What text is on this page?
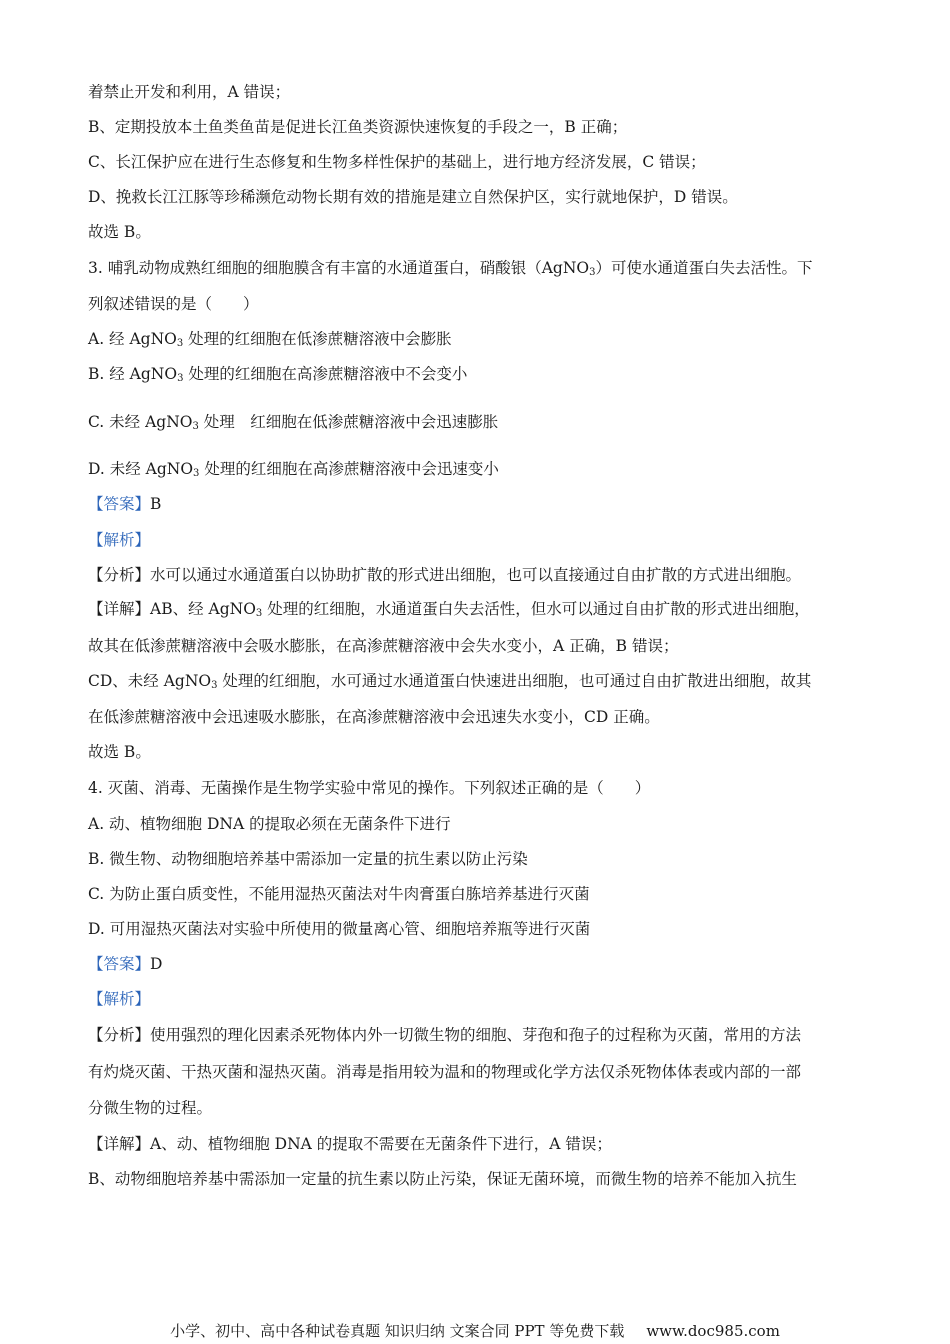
着禁止开发和利用，A 错误；
B、定期投放本土鱼类鱼苗是促进长江鱼类资源快速恢复的手段之一，B 正确；
C、长江保护应在进行生态修复和生物多样性保护的基础上，进行地方经济发展，C 错误；
D、挽救长江江豚等珍稀濒危动物长期有效的措施是建立自然保护区，实行就地保护，D 错误。
故选 B。
3. 哺乳动物成熟红细胞的细胞膜含有丰富的水通道蛋白，硝酸银（AgNO$_3$）可使水通道蛋白失去活性。下
列叙述错误的是（　　）
A. 经 AgNO$_3$ 处理的红细胞在低渗蔗糖溶液中会膨胀
B. 经 AgNO$_3$ 处理的红细胞在高渗蔗糖溶液中不会变小
C. 未经 AgNO$_3$ 处理　红细胞在低渗蔗糖溶液中会迅速膨胀
D. 未经 AgNO$_3$ 处理的红细胞在高渗蔗糖溶液中会迅速变小
【答案】B
【解析】
【分析】水可以通过水通道蛋白以协助扩散的形式进出细胞，也可以直接通过自由扩散的方式进出细胞。
【详解】AB、经 AgNO$_3$ 处理的红细胞，水通道蛋白失去活性，但水可以通过自由扩散的形式进出细胞，
故其在低渗蔗糖溶液中会吸水膨胀，在高渗蔗糖溶液中会失水变小，A 正确，B 错误；
CD、未经 AgNO$_3$ 处理的红细胞，水可通过水通道蛋白快速进出细胞，也可通过自由扩散进出细胞，故其
在低渗蔗糖溶液中会迅速吸水膨胀，在高渗蔗糖溶液中会迅速失水变小，CD 正确。
故选 B。
4. 灭菌、消毒、无菌操作是生物学实验中常见的操作。下列叙述正确的是（　　）
A. 动、植物细胞 DNA 的提取必须在无菌条件下进行
B. 微生物、动物细胞培养基中需添加一定量的抗生素以防止污染
C. 为防止蛋白质变性，不能用湿热灭菌法对牛肉膏蛋白胨培养基进行灭菌
D. 可用湿热灭菌法对实验中所使用的微量离心管、细胞培养瓶等进行灭菌
【答案】D
【解析】
【分析】使用强烈的理化因素杀死物体内外一切微生物的细胞、芽孢和孢子的过程称为灭菌，常用的方法
有灼烧灭菌、干热灭菌和湿热灭菌。消毒是指用较为温和的物理或化学方法仅杀死物体体表或内部的一部
分微生物的过程。
【详解】A、动、植物细胞 DNA 的提取不需要在无菌条件下进行，A 错误；
B、动物细胞培养基中需添加一定量的抗生素以防止污染，保证无菌环境，而微生物的培养不能加入抗生
小学、初中、高中各种试卷真题 知识归纳 文案合同 PPT 等免费下载 www.doc985.com
